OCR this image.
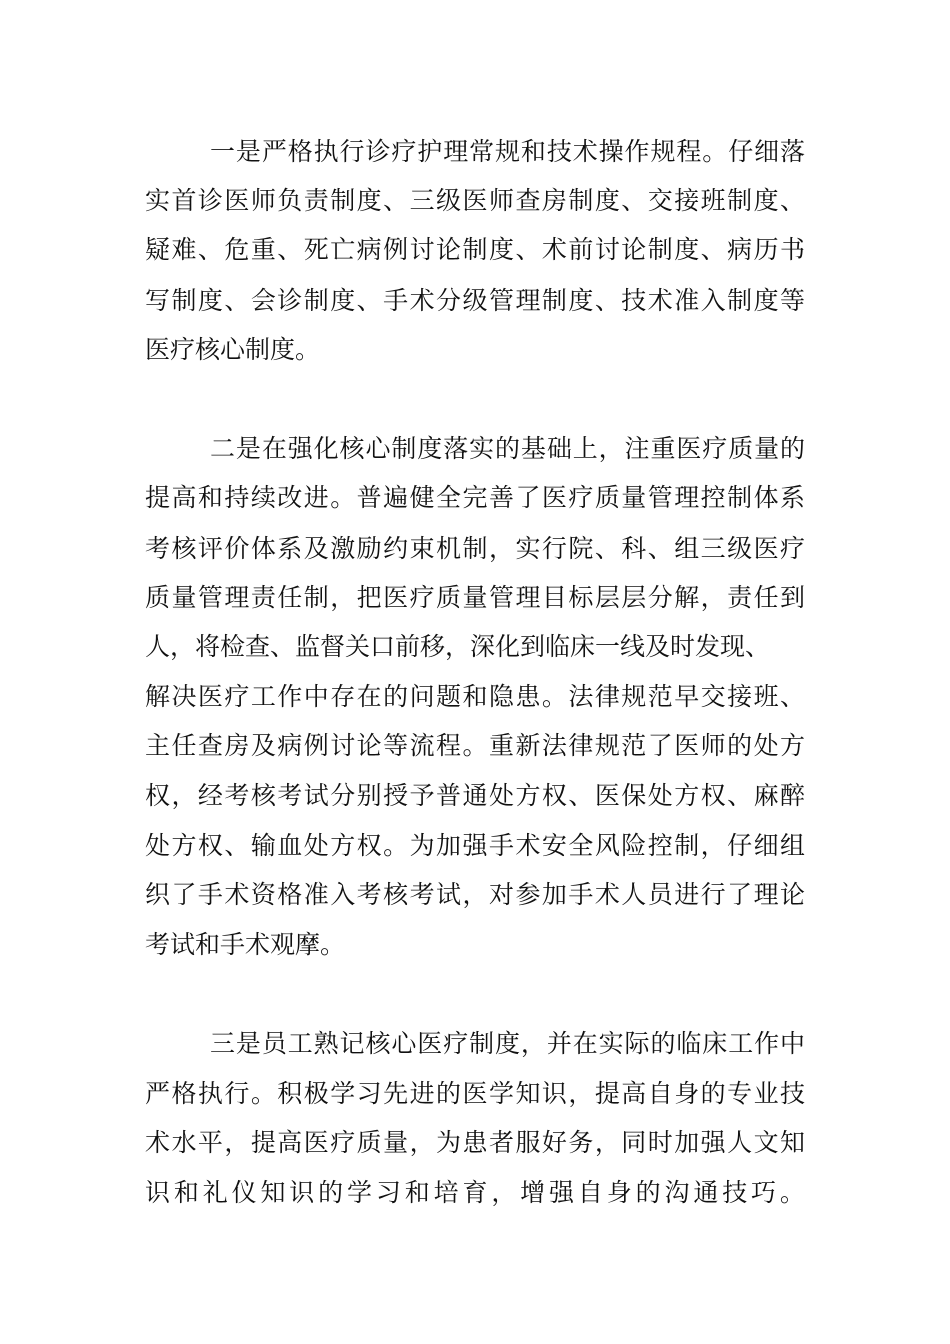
一是严格执行诊疗护理常规和技术操作规程。仔细落
实首诊医师负责制度、三级医师查房制度、交接班制度、
疑难、危重、死亡病例讨论制度、术前讨论制度、病历书
写制度、会诊制度、手术分级管理制度、技术准入制度等
医疗核心制度。
二是在强化核心制度落实的基础上，注重医疗质量的
提高和持续改进。普遍健全完善了医疗质量管理控制体系
考核评价体系及激励约束机制，实行院、科、组三级医疗
质量管理责任制，把医疗质量管理目标层层分解，责任到
人，将检查、监督关口前移，深化到临床一线及时发现、
解决医疗工作中存在的问题和隐患。法律规范早交接班、
主任查房及病例讨论等流程。重新法律规范了医师的处方
权，经考核考试分别授予普通处方权、医保处方权、麻醉
处方权、输血处方权。为加强手术安全风险控制，仔细组
织了手术资格准入考核考试，对参加手术人员进行了理论
考试和手术观摩。
三是员工熟记核心医疗制度，并在实际的临床工作中
严格执行。积极学习先进的医学知识，提高自身的专业技
术水平，提高医疗质量，为患者服好务，同时加强人文知
识和礼仪知识的学习和培育，增强自身的沟通技巧。
